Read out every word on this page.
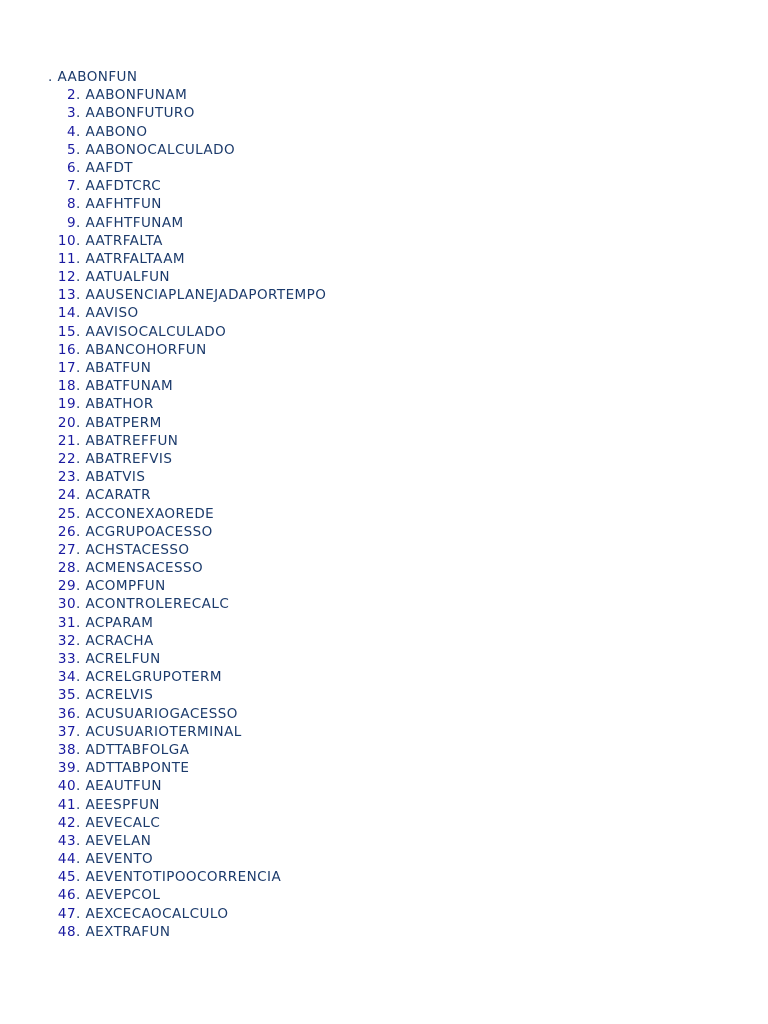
. AABONFUN
2. AABONFUNAM
3. AABONFUTURO
4. AABONO
5. AABONOCALCULADO
6. AAFDT
7. AAFDTCRC
8. AAFHTFUN
9. AAFHTFUNAM
10. AATRFALTA
11. AATRFALTAAM
12. AATUALFUN
13. AAUSENCIAPLANEJADAPORTEMPO
14. AAVISO
15. AAVISOCALCULADO
16. ABANCOHORFUN
17. ABATFUN
18. ABATFUNAM
19. ABATHOR
20. ABATPERM
21. ABATREFFUN
22. ABATREFVIS
23. ABATVIS
24. ACARATR
25. ACCONEXAOREDE
26. ACGRUPOACESSO
27. ACHSTACESSO
28. ACMENSACESSO
29. ACOMPFUN
30. ACONTROLERECALC
31. ACPARAM
32. ACRACHA
33. ACRELFUN
34. ACRELGRUPOTERM
35. ACRELVIS
36. ACUSUARIOGACESSO
37. ACUSUARIOTERMINAL
38. ADTTABFOLGA
39. ADTTABPONTE
40. AEAUTFUN
41. AEESPFUN
42. AEVECALC
43. AEVELAN
44. AEVENTO
45. AEVENTOTIPOOCORRENCIA
46. AEVEPCOL
47. AEXCECAOCALCULO
48. AEXTRAFUN
